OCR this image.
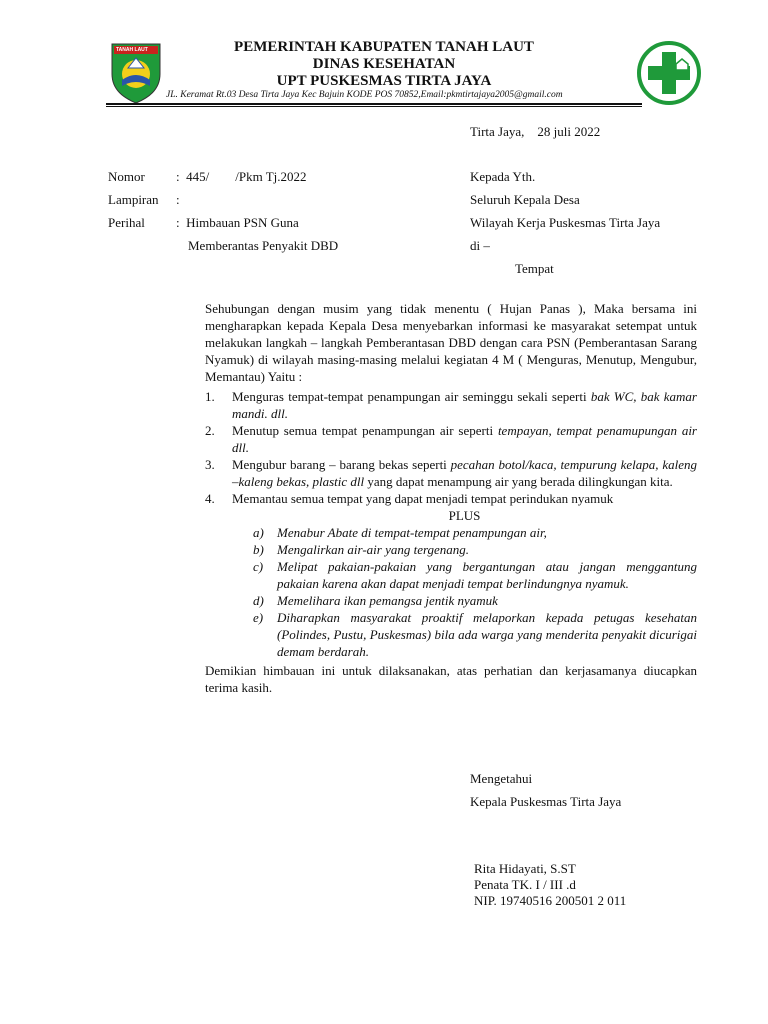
TANAH LAUT	PEMERINTAH KABUPATEN TANAH LAUT
DINAS KESEHATAN
UPT PUSKESMAS TIRTA JAYA
JL. Keramat Rt.03 Desa Tirta Jaya Kec Bajuin KODE POS 70852,Email:pkmtirtajaya2005@gmail.com
Tirta Jaya,    28 juli 2022
Nomor :  445/        /Pkm Tj.2022
Lampiran :
Perihal :  Himbauan PSN Guna
Memberantas Penyakit DBD
Kepada Yth.
Seluruh Kepala Desa
Wilayah Kerja Puskesmas Tirta Jaya
di –
Tempat
Sehubungan dengan musim yang tidak menentu ( Hujan Panas ), Maka bersama ini mengharapkan kepada Kepala Desa menyebarkan informasi ke masyarakat setempat untuk melakukan langkah – langkah Pemberantasan DBD dengan cara PSN (Pemberantasan Sarang Nyamuk) di wilayah masing-masing melalui kegiatan 4 M ( Menguras, Menutup, Mengubur, Memantau) Yaitu :
1.	Menguras tempat-tempat penampungan air seminggu sekali seperti bak WC, bak kamar mandi. dll.
2.	Menutup semua tempat penampungan air seperti tempayan, tempat penamupungan air dll.
3.	Mengubur barang – barang bekas seperti pecahan botol/kaca, tempurung kelapa, kaleng –kaleng bekas, plastic dll yang dapat menampung air yang berada dilingkungan kita.
4.	Memantau semua tempat yang dapat menjadi tempat perindukan nyamuk
PLUS
a)	Menabur Abate di tempat-tempat penampungan air,
b)	Mengalirkan air-air yang tergenang.
c)	Melipat pakaian-pakaian yang bergantungan atau jangan menggantung pakaian karena akan dapat menjadi tempat berlindungnya nyamuk.
d)	Memelihara ikan pemangsa jentik nyamuk
e)	Diharapkan masyarakat proaktif melaporkan kepada petugas kesehatan (Polindes, Pustu, Puskesmas) bila ada warga yang menderita penyakit dicurigai demam berdarah.
Demikian himbauan ini untuk dilaksanakan, atas perhatian dan kerjasamanya diucapkan terima kasih.
Mengetahui
Kepala Puskesmas Tirta Jaya
Rita Hidayati, S.ST
Penata TK. I / III .d
NIP. 19740516 200501 2 011
